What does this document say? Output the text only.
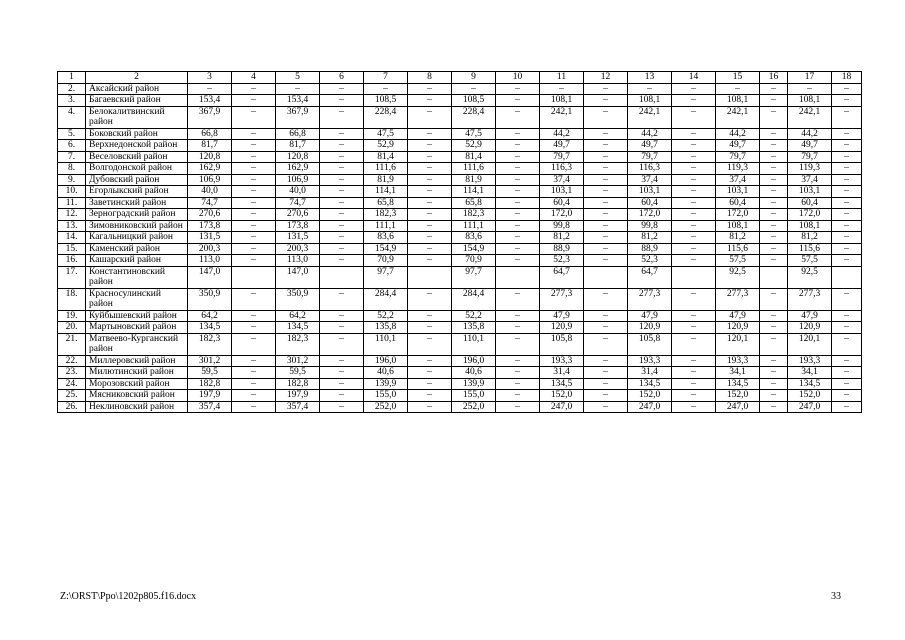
1	2	3	4	5	6	7	8	9	10	11	12	13	14	15	16	17	18
2.	Аксайский район	–	–	–	–	–	–	–	–	–	–	–	–	–	–	–	–
3.	Багаевский район	153,4	–	153,4	–	108,5	–	108,5	–	108,1	–	108,1	–	108,1	–	108,1	–
4.	Белокалитвинский район	367,9	–	367,9	–	228,4	–	228,4	–	242,1	–	242,1	–	242,1	–	242,1	–
5.	Боковский район	66,8	–	66,8	–	47,5	–	47,5	–	44,2	–	44,2	–	44,2	–	44,2	–
6.	Верхнедонской район	81,7	–	81,7	–	52,9	–	52,9	–	49,7	–	49,7	–	49,7	–	49,7	–
7.	Веселовский район	120,8	–	120,8	–	81,4	–	81,4	–	79,7	–	79,7	–	79,7	–	79,7	–
8.	Волгодонской район	162,9	–	162,9	–	111,6	–	111,6	–	116,3	–	116,3	–	119,3	–	119,3	–
9.	Дубовский район	106,9	–	106,9	–	81,9	–	81,9	–	37,4	–	37,4	–	37,4	–	37,4	–
10.	Егорлыкский район	40,0	–	40,0	–	114,1	–	114,1	–	103,1	–	103,1	–	103,1	–	103,1	–
11.	Заветинский район	74,7	–	74,7	–	65,8	–	65,8	–	60,4	–	60,4	–	60,4	–	60,4	–
12.	Зерноградский район	270,6	–	270,6	–	182,3	–	182,3	–	172,0	–	172,0	–	172,0	–	172,0	–
13.	Зимовниковский район	173,8	–	173,8	–	111,1	–	111,1	–	99,8	–	99,8	–	108,1	–	108,1	–
14.	Кагальницкий район	131,5	–	131,5	–	83,6	–	83,6	–	81,2	–	81,2	–	81,2	–	81,2	–
15.	Каменский район	200,3	–	200,3	–	154,9	–	154,9	–	88,9	–	88,9	–	115,6	–	115,6	–
16.	Кашарский район	113,0	–	113,0	–	70,9	–	70,9	–	52,3	–	52,3	–	57,5	–	57,5	–
17.	Константиновский район	147,0		147,0		97,7		97,7		64,7		64,7		92,5		92,5	
18.	Красносулинский район	350,9	–	350,9	–	284,4	–	284,4	–	277,3	–	277,3	–	277,3	–	277,3	–
19.	Куйбышевский район	64,2	–	64,2	–	52,2	–	52,2	–	47,9	–	47,9	–	47,9	–	47,9	–
20.	Мартыновский район	134,5	–	134,5	–	135,8	–	135,8	–	120,9	–	120,9	–	120,9	–	120,9	–
21.	Матвеево-Курганский район	182,3	–	182,3	–	110,1	–	110,1	–	105,8	–	105,8	–	120,1	–	120,1	–
22.	Миллеровский район	301,2	–	301,2	–	196,0	–	196,0	–	193,3	–	193,3	–	193,3	–	193,3	–
23.	Милютинский район	59,5	–	59,5	–	40,6	–	40,6	–	31,4	–	31,4	–	34,1	–	34,1	–
24.	Морозовский район	182,8	–	182,8	–	139,9	–	139,9	–	134,5	–	134,5	–	134,5	–	134,5	–
25.	Мясниковский район	197,9	–	197,9	–	155,0	–	155,0	–	152,0	–	152,0	–	152,0	–	152,0	–
26.	Неклиновский район	357,4	–	357,4	–	252,0	–	252,0	–	247,0	–	247,0	–	247,0	–	247,0	–
Z:\ORST\Ppo\1202p805.f16.docx	33
